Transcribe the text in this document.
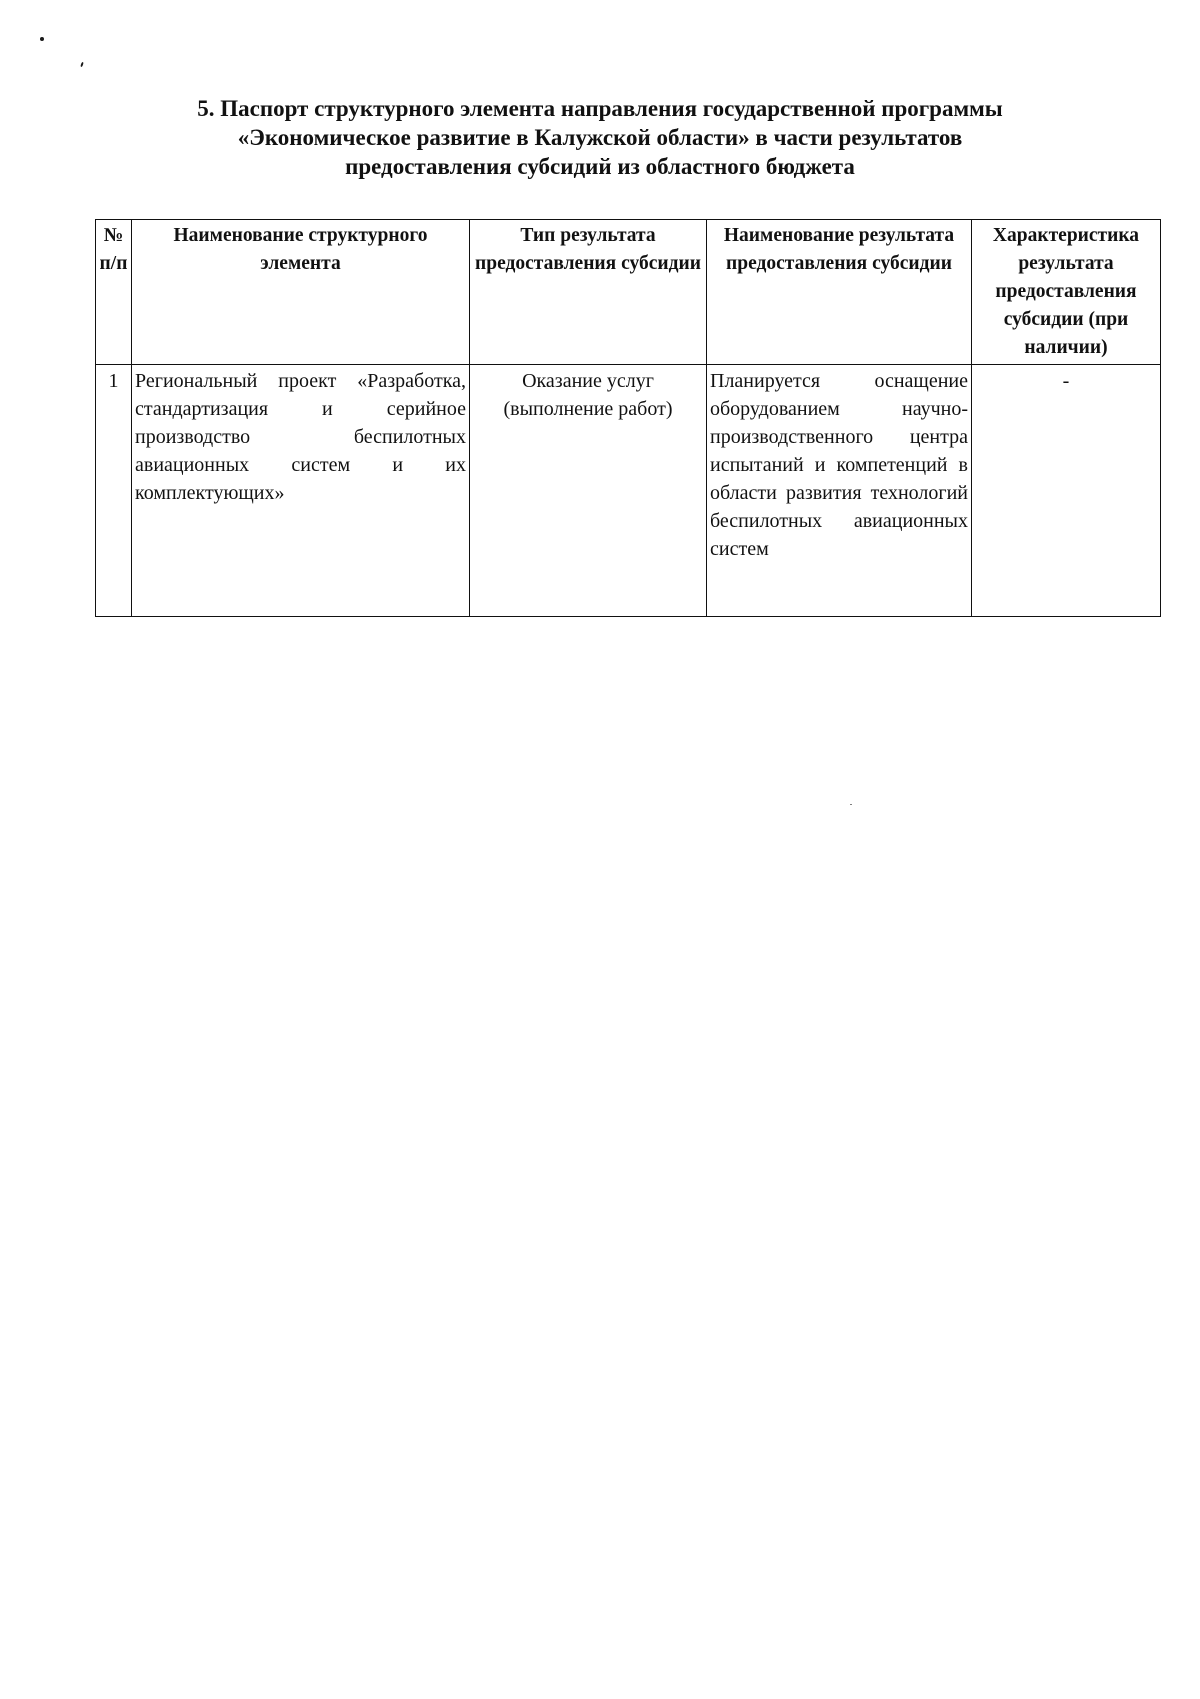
5. Паспорт структурного элемента направления государственной программы
«Экономическое развитие в Калужской области» в части результатов
предоставления субсидий из областного бюджета
№ п/п	Наименование структурного элемента	Тип результата предоставления субсидии	Наименование результата предоставления субсидии	Характеристика результата предоставления субсидии (при наличии)
1	Региональный проект «Разработка, стандартизация и серийное производство беспилотных авиационных систем и их комплектующих»	Оказание услуг (выполнение работ)	Планируется оснащение оборудованием научно-производственного центра испытаний и компетенций в области развития технологий беспилотных авиационных систем	-
